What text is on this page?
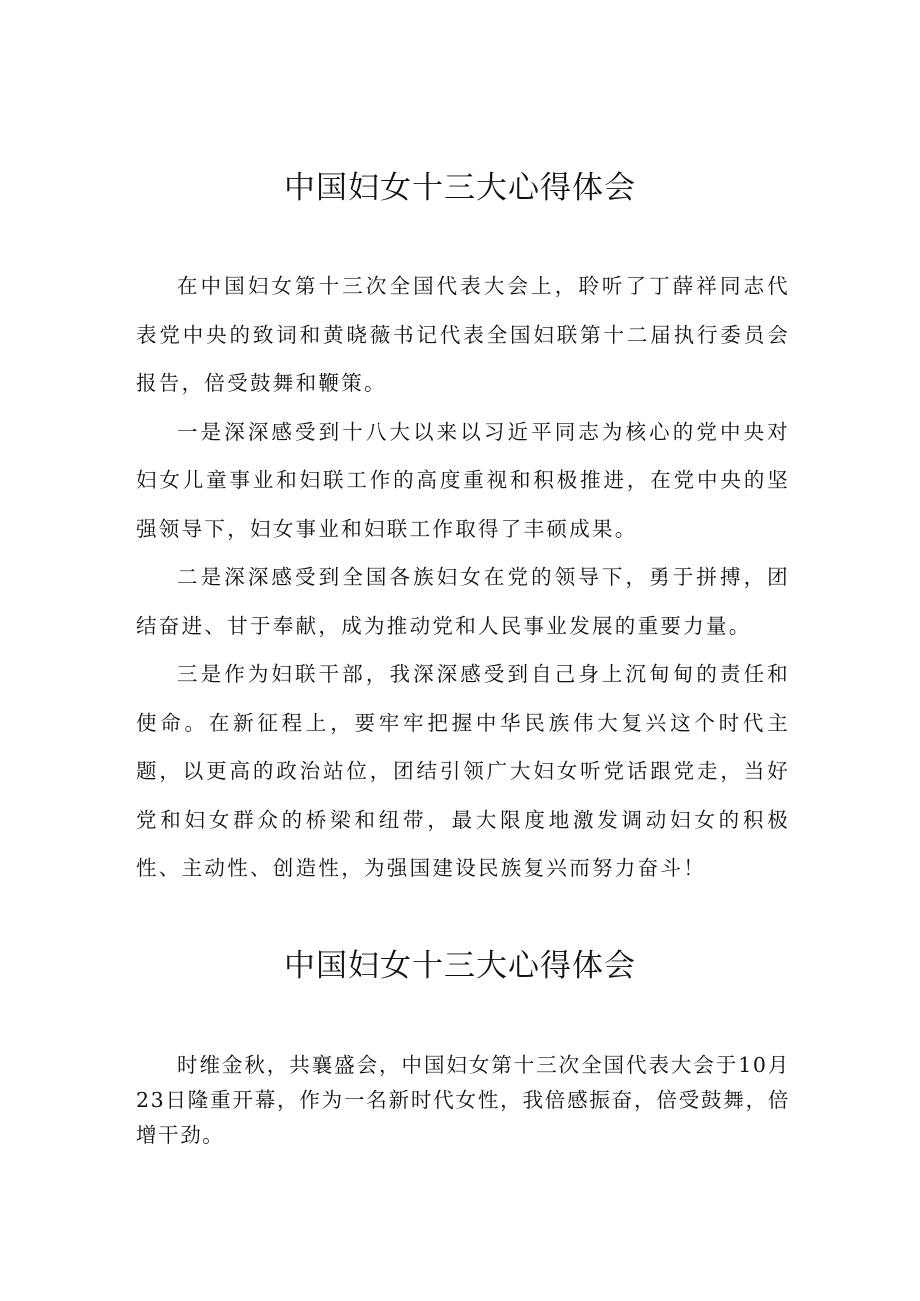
中国妇女十三大心得体会

在中国妇女第十三次全国代表大会上，聆听了丁薛祥同志代表党中央的致词和黄晓薇书记代表全国妇联第十二届执行委员会报告，倍受鼓舞和鞭策。

一是深深感受到十八大以来以习近平同志为核心的党中央对妇女儿童事业和妇联工作的高度重视和积极推进，在党中央的坚强领导下，妇女事业和妇联工作取得了丰硕成果。

二是深深感受到全国各族妇女在党的领导下，勇于拼搏，团结奋进、甘于奉献，成为推动党和人民事业发展的重要力量。

三是作为妇联干部，我深深感受到自己身上沉甸甸的责任和使命。在新征程上，要牢牢把握中华民族伟大复兴这个时代主题，以更高的政治站位，团结引领广大妇女听党话跟党走，当好党和妇女群众的桥梁和纽带，最大限度地激发调动妇女的积极性、主动性、创造性，为强国建设民族复兴而努力奋斗！

中国妇女十三大心得体会

时维金秋，共襄盛会，中国妇女第十三次全国代表大会于10月23日隆重开幕，作为一名新时代女性，我倍感振奋，倍受鼓舞，倍增干劲。
